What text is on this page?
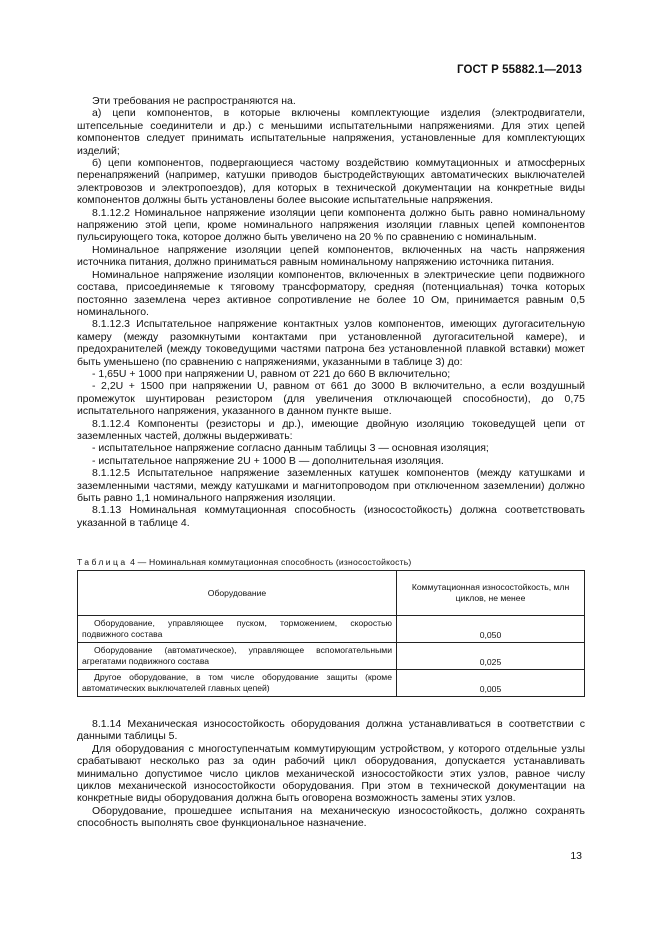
ГОСТ Р 55882.1—2013

Эти требования не распространяются на.

а) цепи компонентов, в которые включены комплектующие изделия (электродвигатели, штепсельные соединители и др.) с меньшими испытательными напряжениями. Для этих цепей компонентов следует принимать испытательные напряжения, установленные для комплектующих изделий;

б) цепи компонентов, подвергающиеся частому воздействию коммутационных и атмосферных перенапряжений (например, катушки приводов быстродействующих автоматических выключателей электровозов и электропоездов), для которых в технической документации на конкретные виды компонентов должны быть установлены более высокие испытательные напряжения.

8.1.12.2 Номинальное напряжение изоляции цепи компонента должно быть равно номинальному напряжению этой цепи, кроме номинального напряжения изоляции главных цепей компонентов пульсирующего тока, которое должно быть увеличено на 20 % по сравнению с номинальным.

Номинальное напряжение изоляции цепей компонентов, включенных на часть напряжения источника питания, должно приниматься равным номинальному напряжению источника питания.

Номинальное напряжение изоляции компонентов, включенных в электрические цепи подвижного состава, присоединяемые к тяговому трансформатору, средняя (потенциальная) точка которых постоянно заземлена через активное сопротивление не более 10 Ом, принимается равным 0,5 номинального.

8.1.12.3 Испытательное напряжение контактных узлов компонентов, имеющих дугогасительную камеру (между разомкнутыми контактами при установленной дугогасительной камере), и предохранителей (между токоведущими частями патрона без установленной плавкой вставки) может быть уменьшено (по сравнению с напряжениями, указанными в таблице 3) до:

- 1,65U + 1000 при напряжении U, равном от 221 до 660 В включительно;

- 2,2U + 1500 при напряжении U, равном от 661 до 3000 В включительно, а если воздушный промежуток шунтирован резистором (для увеличения отключающей способности), до 0,75 испытательного напряжения, указанного в данном пункте выше.

8.1.12.4 Компоненты (резисторы и др.), имеющие двойную изоляцию токоведущей цепи от заземленных частей, должны выдерживать:

- испытательное напряжение согласно данным таблицы 3 — основная изоляция;

- испытательное напряжение 2U + 1000 В — дополнительная изоляция.

8.1.12.5 Испытательное напряжение заземленных катушек компонентов (между катушками и заземленными частями, между катушками и магнитопроводом при отключенном заземлении) должно быть равно 1,1 номинального напряжения изоляции.

8.1.13 Номинальная коммутационная способность (износостойкость) должна соответствовать указанной в таблице 4.

Таблица 4 — Номинальная коммутационная способность (износостойкость)
Оборудование	Коммутационная износостойкость, млн циклов, не менее
Оборудование, управляющее пуском, торможением, скоростью подвижного состава	0,050
Оборудование (автоматическое), управляющее вспомогательными агрегатами подвижного состава	0,025
Другое оборудование, в том числе оборудование защиты (кроме автоматических выключателей главных цепей)	0,005

8.1.14 Механическая износостойкость оборудования должна устанавливаться в соответствии с данными таблицы 5.

Для оборудования с многоступенчатым коммутирующим устройством, у которого отдельные узлы срабатывают несколько раз за один рабочий цикл оборудования, допускается устанавливать минимально допустимое число циклов механической износостойкости этих узлов, равное числу циклов механической износостойкости оборудования. При этом в технической документации на конкретные виды оборудования должна быть оговорена возможность замены этих узлов.

Оборудование, прошедшее испытания на механическую износостойкость, должно сохранять способность выполнять свое функциональное назначение.

13
